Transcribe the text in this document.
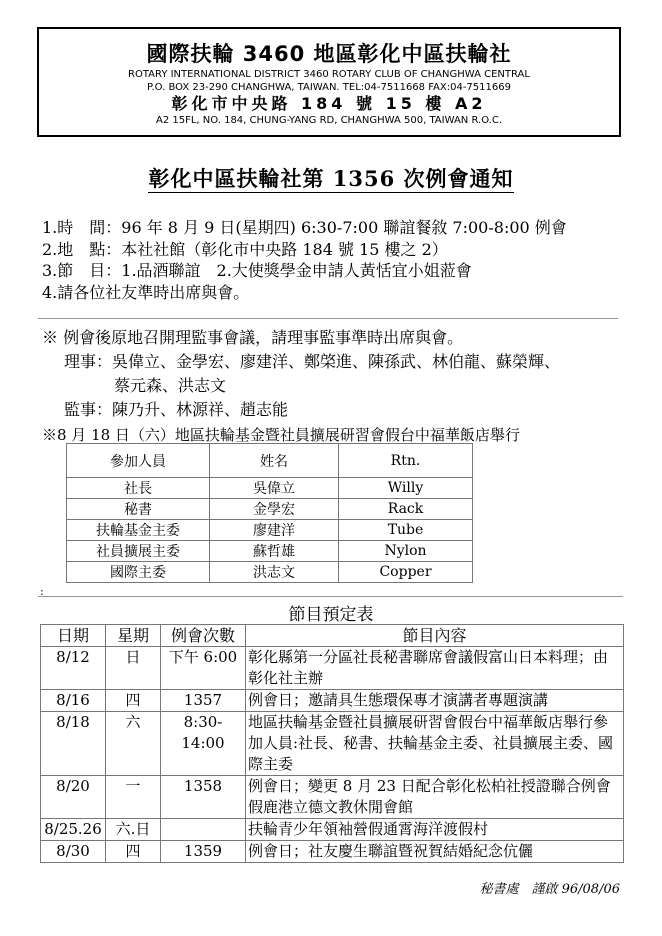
國際扶輪 3460 地區彰化中區扶輪社
ROTARY INTERNATIONAL DISTRICT 3460 ROTARY CLUB OF CHANGHWA CENTRAL
P.O. BOX 23-290 CHANGHWA, TAIWAN. TEL:04-7511668 FAX:04-7511669
彰化市中央路 184 號 15 樓 A2
A2 15FL, NO. 184, CHUNG-YANG RD, CHANGHWA 500, TAIWAN R.O.C.
彰化中區扶輪社第 1356 次例會通知
1.時　間：96 年 8 月 9 日(星期四) 6:30-7:00 聯誼餐敘 7:00-8:00 例會
2.地　點：本社社館（彰化市中央路 184 號 15 樓之 2）
3.節　目：1.品酒聯誼　2.大使獎學金申請人黃恬宜小姐蒞會
4.請各位社友準時出席與會。
※ 例會後原地召開理監事會議，請理事監事準時出席與會。
理事：吳偉立、金學宏、廖建洋、鄭棨進、陳孫武、林伯龍、蘇榮輝、
蔡元森、洪志文
監事：陳乃升、林源祥、趙志能
※8 月 18 日（六）地區扶輪基金暨社員擴展研習會假台中福華飯店舉行
參加人員	姓名	Rtn.
社長	吳偉立	Willy
秘書	金學宏	Rack
扶輪基金主委	廖建洋	Tube
社員擴展主委	蘇哲雄	Nylon
國際主委	洪志文	Copper
:
節目預定表
日期	星期	例會次數	節目內容
8/12	日	下午 6:00	彰化縣第一分區社長秘書聯席會議假富山日本料理；由彰化社主辦
8/16	四	1357	例會日；邀請具生態環保專才演講者專題演講
8/18	六	8:30-14:00	地區扶輪基金暨社員擴展研習會假台中福華飯店舉行參加人員:社長、秘書、扶輪基金主委、社員擴展主委、國際主委
8/20	一	1358	例會日；變更 8 月 23 日配合彰化松柏社授證聯合例會假鹿港立德文教休閒會館
8/25.26	六.日		扶輪青少年領袖營假通霄海洋渡假村
8/30	四	1359	例會日；社友慶生聯誼暨祝賀結婚紀念伉儷
秘書處　謹啟 96/08/06
